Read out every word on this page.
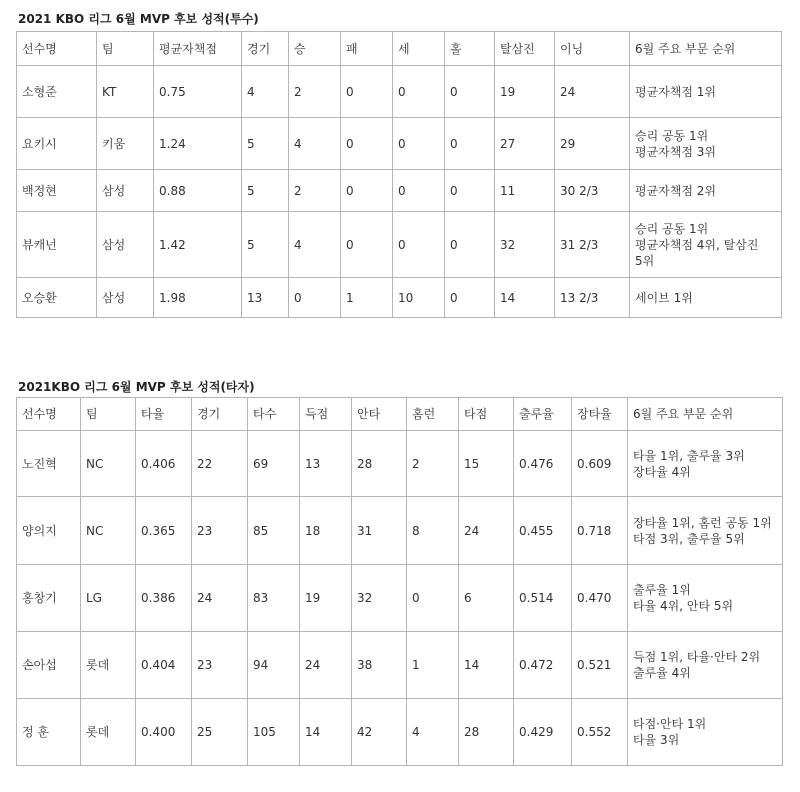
2021 KBO 리그 6월 MVP 후보 성적(투수)
선수명	팀	평균자책점	경기	승	패	세	홀	탈삼진	이닝	6월 주요 부문 순위
소형준	KT	0.75	4	2	0	0	0	19	24	평균자책점 1위
요키시	키움	1.24	5	4	0	0	0	27	29	승리 공동 1위
평균자책점 3위
백정현	삼성	0.88	5	2	0	0	0	11	30 2/3	평균자책점 2위
뷰캐넌	삼성	1.42	5	4	0	0	0	32	31 2/3	승리 공동 1위
평균자책점 4위, 탈삼진
5위
오승환	삼성	1.98	13	0	1	10	0	14	13 2/3	세이브 1위
2021KBO 리그 6월 MVP 후보 성적(타자)
선수명	팀	타율	경기	타수	득점	안타	홈런	타점	출루율	장타율	6월 주요 부문 순위
노진혁	NC	0.406	22	69	13	28	2	15	0.476	0.609	타율 1위, 출루율 3위
장타율 4위
양의지	NC	0.365	23	85	18	31	8	24	0.455	0.718	장타율 1위, 홈런 공동 1위
타점 3위, 출루율 5위
홍창기	LG	0.386	24	83	19	32	0	6	0.514	0.470	출루율 1위
타율 4위, 안타 5위
손아섭	롯데	0.404	23	94	24	38	1	14	0.472	0.521	득점 1위, 타율·안타 2위
출루율 4위
정 훈	롯데	0.400	25	105	14	42	4	28	0.429	0.552	타점·안타 1위
타율 3위
